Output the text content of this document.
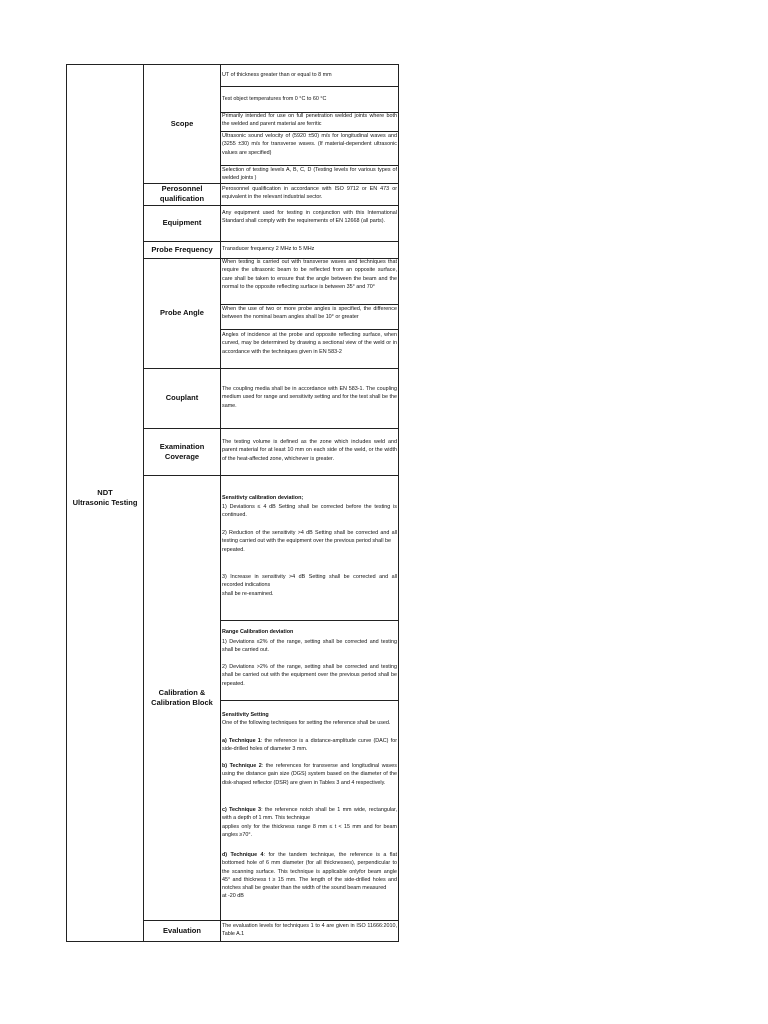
NDT
Ultrasonic Testing
Scope
Perosonnel
qualification
Equipment
Probe Frequency
Probe Angle
Couplant
Examination
Coverage
Calibration &
Calibration Block
Evaluation
UT of thickness greater than or equal to 8 mm
Test object temperatures from 0 °C to 60 °C
Primarily intended for use on full penetration welded joints where both the welded and parent material are ferritic
Ultrasonic sound velocity of (5920 ±50) m/s for longitudinal waves and (3255 ±30) m/s for transverse waves. (If material-dependent ultrasonic values are specified)
Selection of testing levels A, B, C, D (Testing levels for various types of welded joints )
Perosonnel qualification in accordance with ISO 9712 or EN 473 or equivalent in the relevant industrial sector.
Any equipment used for testing in conjunction with this International Standard shall comply with the requirements of EN 12668 (all parts).
Transducer frequency 2 MHz to 5 MHz
When testing is carried out with transverse waves and techniques that require the ultrasonic beam to be reflected from an opposite surface, care shall be taken to ensure that the angle between the beam and the normal to the opposite reflecting surface is between 35° and 70°
When the use of two or more probe angles is specified, the difference between the nominal beam angles shall be 10° or greater
Angles of incidence at the probe and opposite reflecting surface, when curved, may be determined by drawing a sectional view of the weld or in accordance with the techniques given in EN 583-2
The coupling media shall be in accordance with EN 583-1. The coupling medium used for range and sensitivity setting and for the test shall be the same.
The testing volume is defined as the zone which includes weld and parent material for at least 10 mm on each side of the weld, or the width of the heat-affected zone, whichever is greater.
Sensitivty calibration deviation;
1) Deviations ≤ 4 dB Setting shall be corrected before the testing is continued.
2) Reduction of the sensitivity >4 dB Setting shall be corrected and all testing carried out with the equipment over the previous period shall be
repeated.
3) Increase in sensitivity >4 dB Setting shall be corrected and all recorded indications
shall be re-examined.
Range Calibration deviation
1) Deviations ≤2% of the range, setting shall be corrected and testing shall be carried out.
2) Deviations >2% of the range, setting shall be corrected and testing shall be carried out with the equipment over the previous period shall be repeated.
Sensitivity Setting
One of the following techniques for setting the reference shall be used.
a) Technique 1: the reference is a distance-amplitude curve (DAC) for side-drilled holes of diameter 3 mm.
b) Technique 2: the references for transverse and longitudinal waves using the distance gain size (DGS) system based on the diameter of the disk-shaped reflector (DSR) are given in Tables 3 and 4 respectively.
c) Technique 3: the reference notch shall be 1 mm wide, rectangular, with a depth of 1 mm. This technique
applies only for the thickness range 8 mm ≤ t < 15 mm and for beam angles ≥70°.
d) Technique 4: for the tandem technique, the reference is a flat bottomed hole of 6 mm diameter (for all thicknesses), perpendicular to the scanning surface. This technique is applicable onlyfor beam angle 45° and thickness t ≥ 15 mm. The length of the side-drilled holes and notches shall be greater than the width of the sound beam measured
at -20 dB
The evaluation levels for techniques 1 to 4 are given in ISO 11666:2010, Table A.1
